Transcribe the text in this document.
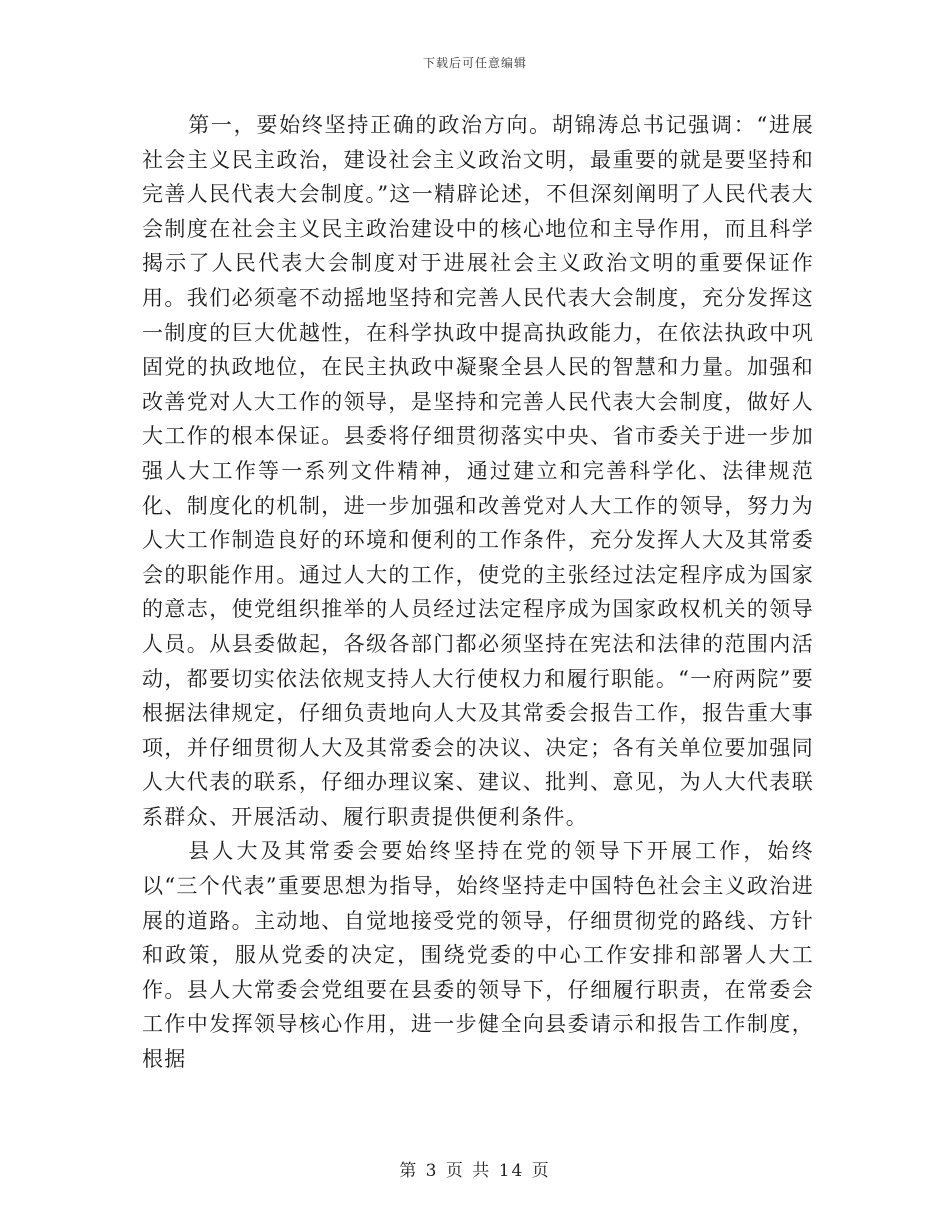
下载后可任意编辑

第一，要始终坚持正确的政治方向。胡锦涛总书记强调：“进展社会主义民主政治，建设社会主义政治文明，最重要的就是要坚持和完善人民代表大会制度。”这一精辟论述，不但深刻阐明了人民代表大会制度在社会主义民主政治建设中的核心地位和主导作用，而且科学揭示了人民代表大会制度对于进展社会主义政治文明的重要保证作用。我们必须毫不动摇地坚持和完善人民代表大会制度，充分发挥这一制度的巨大优越性，在科学执政中提高执政能力，在依法执政中巩固党的执政地位，在民主执政中凝聚全县人民的智慧和力量。加强和改善党对人大工作的领导，是坚持和完善人民代表大会制度，做好人大工作的根本保证。县委将仔细贯彻落实中央、省市委关于进一步加强人大工作等一系列文件精神，通过建立和完善科学化、法律规范化、制度化的机制，进一步加强和改善党对人大工作的领导，努力为人大工作制造良好的环境和便利的工作条件，充分发挥人大及其常委会的职能作用。通过人大的工作，使党的主张经过法定程序成为国家的意志，使党组织推举的人员经过法定程序成为国家政权机关的领导人员。从县委做起，各级各部门都必须坚持在宪法和法律的范围内活动，都要切实依法依规支持人大行使权力和履行职能。“一府两院”要根据法律规定，仔细负责地向人大及其常委会报告工作，报告重大事项，并仔细贯彻人大及其常委会的决议、决定；各有关单位要加强同人大代表的联系，仔细办理议案、建议、批判、意见，为人大代表联系群众、开展活动、履行职责提供便利条件。

县人大及其常委会要始终坚持在党的领导下开展工作，始终以“三个代表”重要思想为指导，始终坚持走中国特色社会主义政治进展的道路。主动地、自觉地接受党的领导，仔细贯彻党的路线、方针和政策，服从党委的决定，围绕党委的中心工作安排和部署人大工作。县人大常委会党组要在县委的领导下，仔细履行职责，在常委会工作中发挥领导核心作用，进一步健全向县委请示和报告工作制度，根据

第 3 页 共 14 页
